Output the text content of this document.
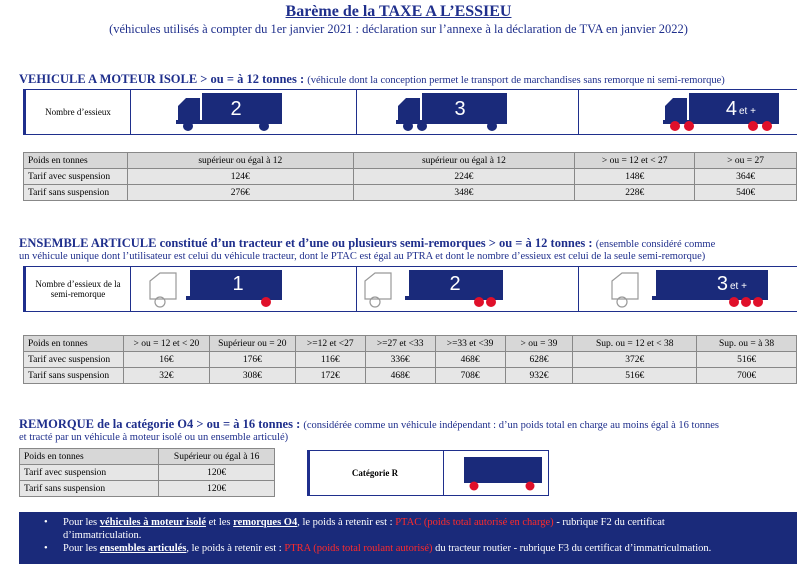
Barème de la TAXE A L’ESSIEU
(véhicules utilisés à compter du 1er janvier 2021 : déclaration sur l’annexe à la déclaration de TVA en janvier 2022)
VEHICULE A MOTEUR ISOLE > ou = à 12 tonnes : (véhicule dont la conception permet le transport de marchandises sans remorque ni semi-remorque)
Nombre d’essieux	2	3	4 et +
Poids en tonnes	supérieur ou égal à 12	supérieur ou égal à 12	> ou = 12 et < 27	> ou = 27
Tarif avec suspension	124€	224€	148€	364€
Tarif sans suspension	276€	348€	228€	540€
ENSEMBLE ARTICULE constitué d’un tracteur et d’une ou plusieurs semi-remorques > ou = à 12 tonnes : (ensemble considéré comme
un véhicule unique dont l’utilisateur est celui du véhicule tracteur, dont le PTAC est égal au PTRA et dont le nombre d’essieux est celui de la seule semi-remorque)
Nombre d’essieux de la semi-remorque	1	2	3 et +
Poids en tonnes	> ou = 12 et < 20	Supérieur ou = 20	>=12 et <27	>=27 et <33	>=33 et <39	> ou = 39	Sup. ou = 12 et < 38	Sup. ou = à 38
Tarif avec suspension	16€	176€	116€	336€	468€	628€	372€	516€
Tarif sans suspension	32€	308€	172€	468€	708€	932€	516€	700€
REMORQUE de la catégorie O4 > ou = à 16 tonnes : (considérée comme un véhicule indépendant : d’un poids total en charge au moins égal à 16 tonnes
et tracté par un véhicule à moteur isolé ou un ensemble articulé)
Poids en tonnes	Supérieur ou égal à 16
Tarif avec suspension	120€
Tarif sans suspension	120€
Catégorie R
• Pour les véhicules à moteur isolé et les remorques O4, le poids à retenir est : PTAC (poids total autorisé en charge) - rubrique F2 du certificat
d’immatriculation.
• Pour les ensembles articulés, le poids à retenir est : PTRA (poids total roulant autorisé) du tracteur routier - rubrique F3 du certificat d’immatriculmation.
